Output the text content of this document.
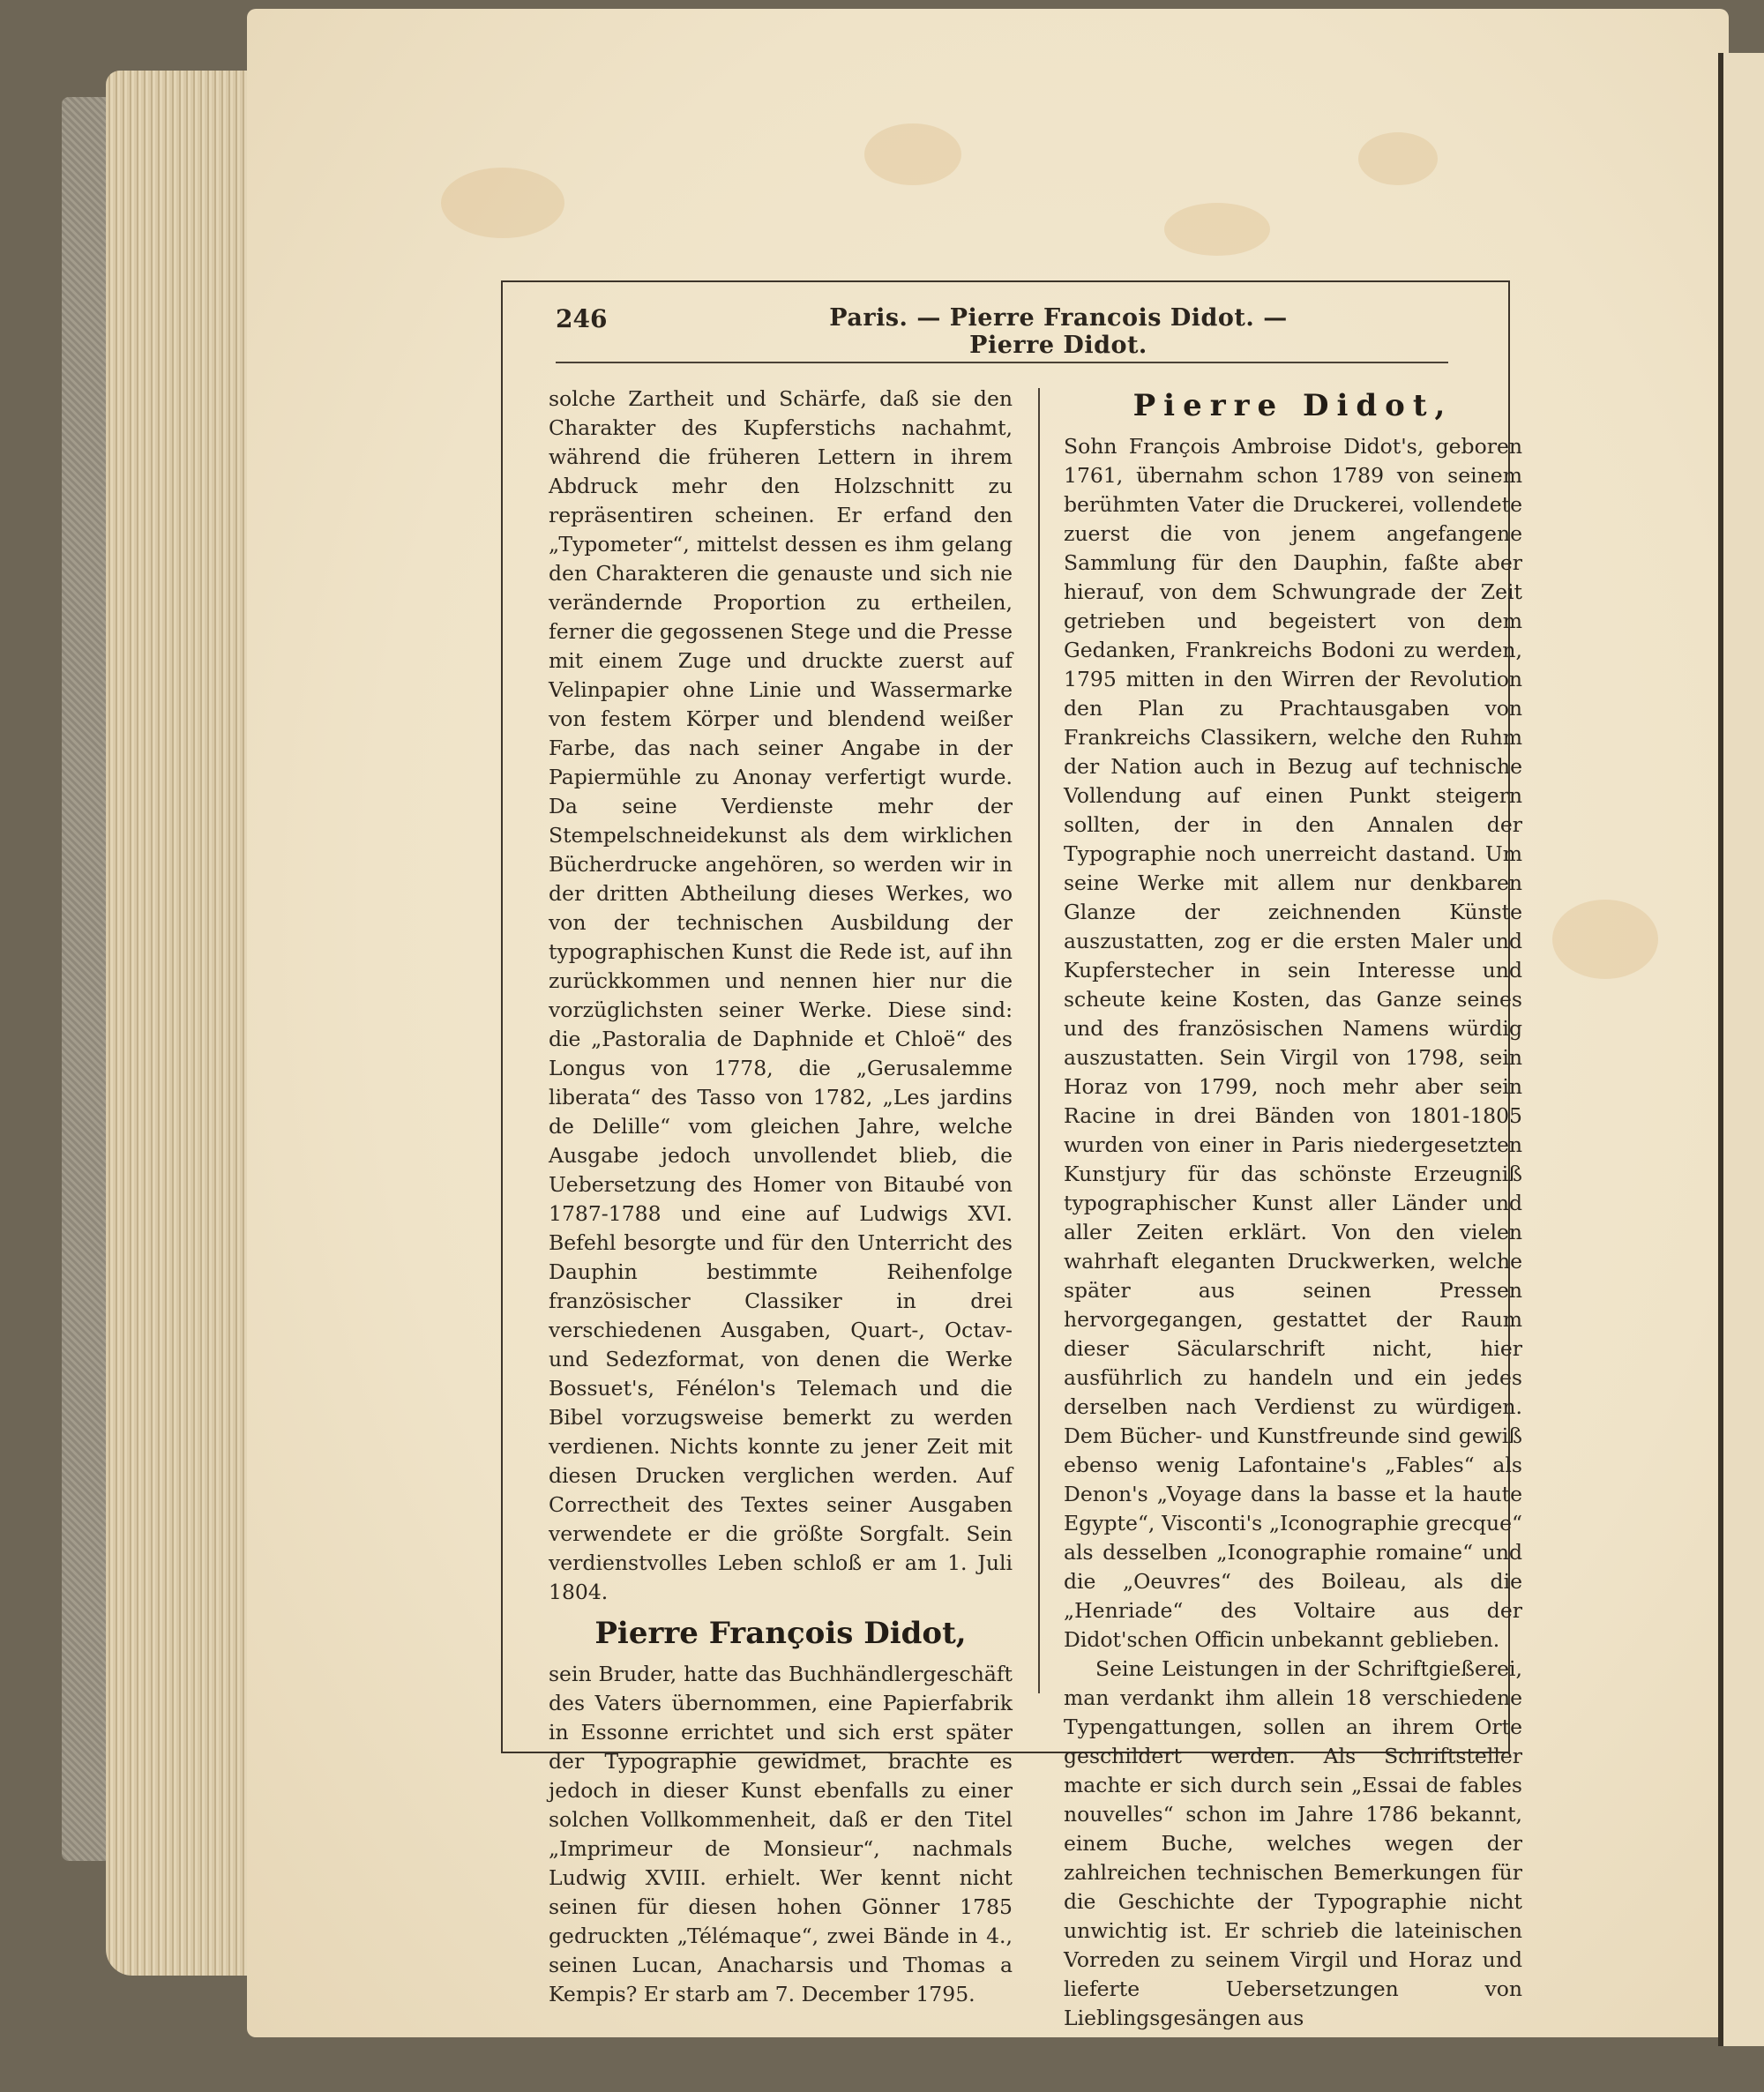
246	Paris. — Pierre Francois Didot. — Pierre Didot.

solche Zartheit und Schärfe, daß sie den Charakter des Kupferstichs nachahmt, während die früheren Lettern in ihrem Abdruck mehr den Holzschnitt zu repräsentiren scheinen. Er erfand den „Typometer“, mittelst dessen es ihm gelang den Charakteren die genauste und sich nie verändernde Proportion zu ertheilen, ferner die gegossenen Stege und die Presse mit einem Zuge und druckte zuerst auf Velinpapier ohne Linie und Wassermarke von festem Körper und blendend weißer Farbe, das nach seiner Angabe in der Papiermühle zu Anonay verfertigt wurde. Da seine Verdienste mehr der Stempelschneidekunst als dem wirklichen Bücherdrucke angehören, so werden wir in der dritten Abtheilung dieses Werkes, wo von der technischen Ausbildung der typographischen Kunst die Rede ist, auf ihn zurückkommen und nennen hier nur die vorzüglichsten seiner Werke. Diese sind: die „Pastoralia de Daphnide et Chloë“ des Longus von 1778, die „Gerusalemme liberata“ des Tasso von 1782, „Les jardins de Delille“ vom gleichen Jahre, welche Ausgabe jedoch unvollendet blieb, die Uebersetzung des Homer von Bitaubé von 1787-1788 und eine auf Ludwigs XVI. Befehl besorgte und für den Unterricht des Dauphin bestimmte Reihenfolge französischer Classiker in drei verschiedenen Ausgaben, Quart-, Octav- und Sedezformat, von denen die Werke Bossuet's, Fénélon's Telemach und die Bibel vorzugsweise bemerkt zu werden verdienen. Nichts konnte zu jener Zeit mit diesen Drucken verglichen werden. Auf Correctheit des Textes seiner Ausgaben verwendete er die größte Sorgfalt. Sein verdienstvolles Leben schloß er am 1. Juli 1804.

Pierre François Didot,

sein Bruder, hatte das Buchhändlergeschäft des Vaters übernommen, eine Papierfabrik in Essonne errichtet und sich erst später der Typographie gewidmet, brachte es jedoch in dieser Kunst ebenfalls zu einer solchen Vollkommenheit, daß er den Titel „Imprimeur de Monsieur“, nachmals Ludwig XVIII. erhielt. Wer kennt nicht seinen für diesen hohen Gönner 1785 gedruckten „Télémaque“, zwei Bände in 4., seinen Lucan, Anacharsis und Thomas a Kempis? Er starb am 7. December 1795.

Pierre Didot,

Sohn François Ambroise Didot's, geboren 1761, übernahm schon 1789 von seinem berühmten Vater die Druckerei, vollendete zuerst die von jenem angefangene Sammlung für den Dauphin, faßte aber hierauf, von dem Schwungrade der Zeit getrieben und begeistert von dem Gedanken, Frankreichs Bodoni zu werden, 1795 mitten in den Wirren der Revolution den Plan zu Prachtausgaben von Frankreichs Classikern, welche den Ruhm der Nation auch in Bezug auf technische Vollendung auf einen Punkt steigern sollten, der in den Annalen der Typographie noch unerreicht dastand. Um seine Werke mit allem nur denkbaren Glanze der zeichnenden Künste auszustatten, zog er die ersten Maler und Kupferstecher in sein Interesse und scheute keine Kosten, das Ganze seines und des französischen Namens würdig auszustatten. Sein Virgil von 1798, sein Horaz von 1799, noch mehr aber sein Racine in drei Bänden von 1801-1805 wurden von einer in Paris niedergesetzten Kunstjury für das schönste Erzeugniß typographischer Kunst aller Länder und aller Zeiten erklärt. Von den vielen wahrhaft eleganten Druckwerken, welche später aus seinen Pressen hervorgegangen, gestattet der Raum dieser Säcularschrift nicht, hier ausführlich zu handeln und ein jedes derselben nach Verdienst zu würdigen. Dem Bücher- und Kunstfreunde sind gewiß ebenso wenig Lafontaine's „Fables“ als Denon's „Voyage dans la basse et la haute Egypte“, Visconti's „Iconographie grecque“ als desselben „Iconographie romaine“ und die „Oeuvres“ des Boileau, als die „Henriade“ des Voltaire aus der Didot'schen Officin unbekannt geblieben.

Seine Leistungen in der Schriftgießerei, man verdankt ihm allein 18 verschiedene Typengattungen, sollen an ihrem Orte geschildert werden. Als Schriftsteller machte er sich durch sein „Essai de fables nouvelles“ schon im Jahre 1786 bekannt, einem Buche, welches wegen der zahlreichen technischen Bemerkungen für die Geschichte der Typographie nicht unwichtig ist. Er schrieb die lateinischen Vorreden zu seinem Virgil und Horaz und lieferte Uebersetzungen von Lieblingsgesängen aus
